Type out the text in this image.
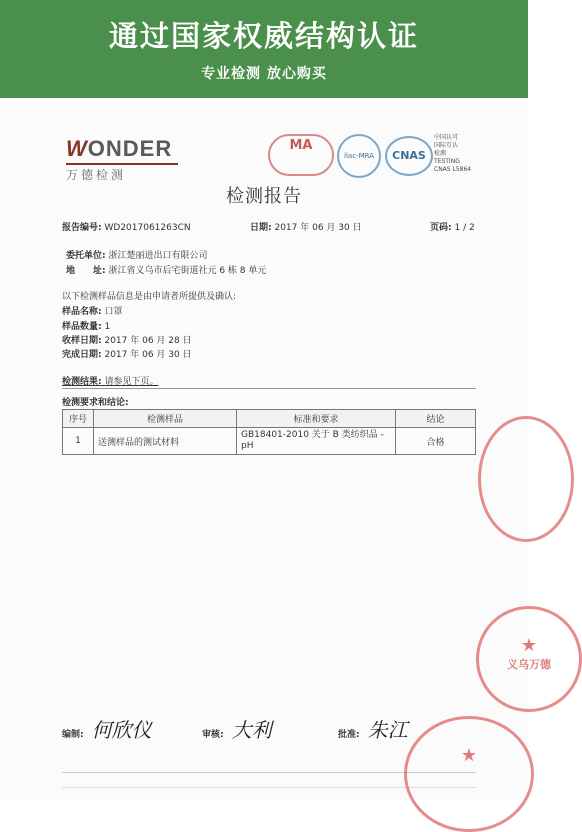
通过国家权威结构认证
专业检测 放心购买
WONDER
万德检测
MA
ilac-MRA	CNAS
中国认可
国际互认
检测
TESTING
CNAS L5864
检测报告
报告编号: WD2017061263CN	日期: 2017 年 06 月 30 日	页码: 1 / 2
委托单位: 浙江楚丽进出口有限公司
地　　址: 浙江省义乌市后宅街道社元 6 栋 8 单元
以下检测样品信息是由申请者所提供及确认:
样品名称: 口罩
样品数量: 1
收样日期: 2017 年 06 月 28 日
完成日期: 2017 年 06 月 30 日
检测结果: 请参见下页。
检测要求和结论:
序号	检测样品	标准和要求	结论
1	送测样品的测试材料	GB18401-2010 关于 B 类纺织品 - pH	合格
编制: 何欣仪	审核: 大利	批准: 朱江
★
义乌万德
★
